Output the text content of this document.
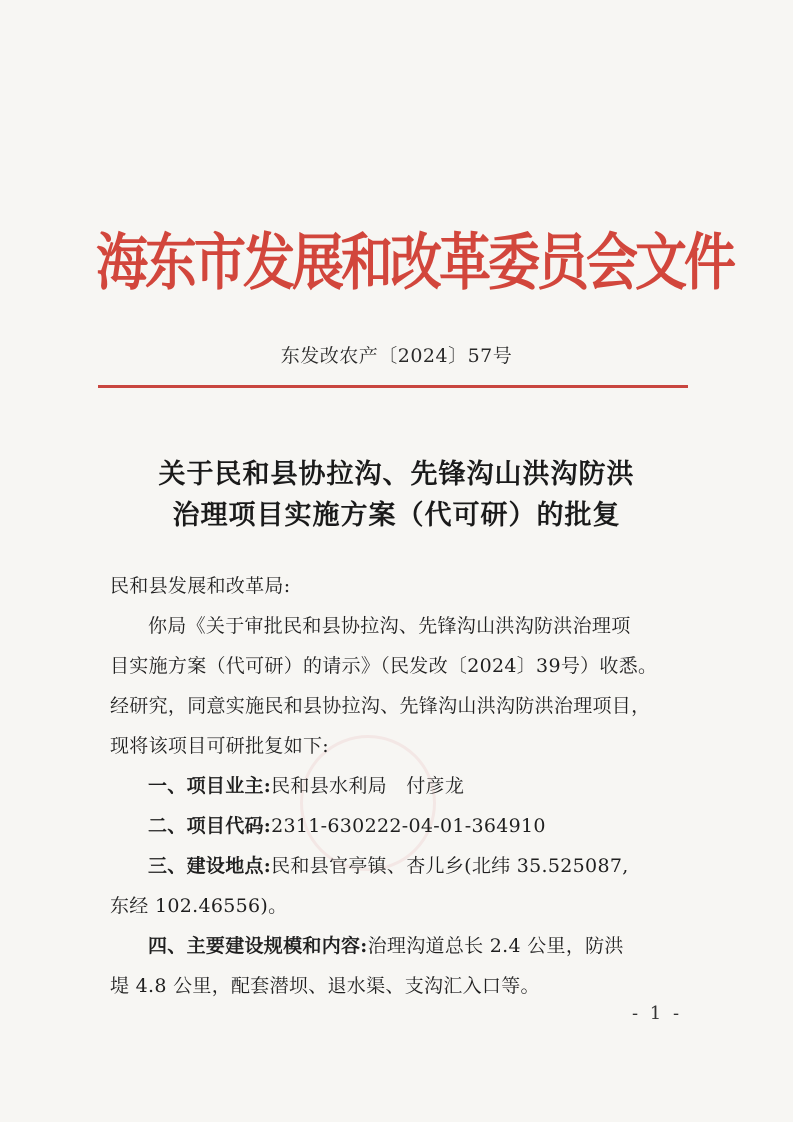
海东市发展和改革委员会文件
东发改农产〔2024〕57号
关于民和县协拉沟、先锋沟山洪沟防洪
治理项目实施方案（代可研）的批复
民和县发展和改革局:
你局《关于审批民和县协拉沟、先锋沟山洪沟防洪治理项
目实施方案（代可研）的请示》（民发改〔2024〕39号）收悉。
经研究，同意实施民和县协拉沟、先锋沟山洪沟防洪治理项目，
现将该项目可研批复如下:
一、项目业主:民和县水利局　付彦龙
二、项目代码:2311-630222-04-01-364910
三、建设地点:民和县官亭镇、杏儿乡(北纬 35.525087,
东经 102.46556)。
四、主要建设规模和内容:治理沟道总长 2.4 公里，防洪
堤 4.8 公里，配套潜坝、退水渠、支沟汇入口等。
- 1 -
